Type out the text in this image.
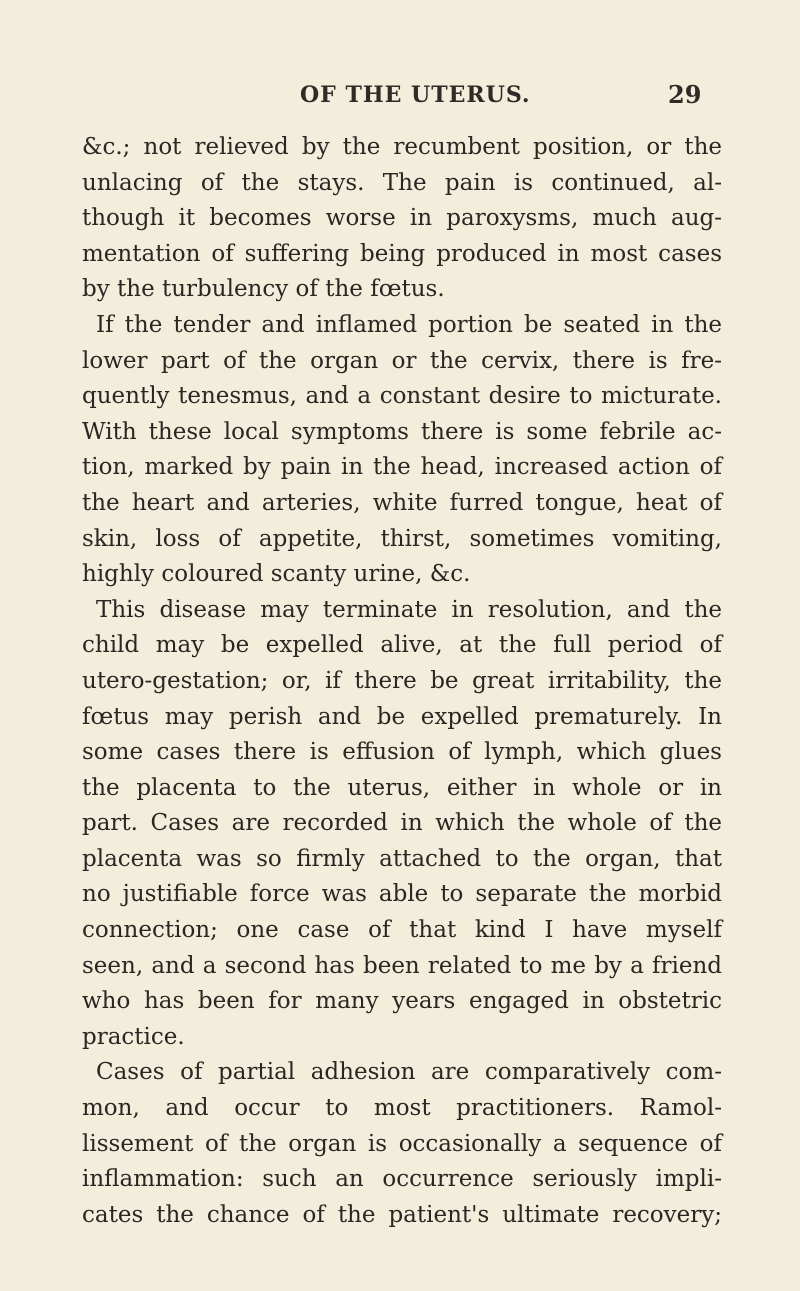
OF THE UTERUS.	29
&c.; not relieved by the recumbent position, or the
unlacing of the stays. The pain is continued, al-
though it becomes worse in paroxysms, much aug-
mentation of suffering being produced in most cases
by the turbulency of the fœtus.
If the tender and inflamed portion be seated in the
lower part of the organ or the cervix, there is fre-
quently tenesmus, and a constant desire to micturate.
With these local symptoms there is some febrile ac-
tion, marked by pain in the head, increased action of
the heart and arteries, white furred tongue, heat of
skin, loss of appetite, thirst, sometimes vomiting,
highly coloured scanty urine, &c.
This disease may terminate in resolution, and the
child may be expelled alive, at the full period of
utero-gestation; or, if there be great irritability, the
fœtus may perish and be expelled prematurely. In
some cases there is effusion of lymph, which glues
the placenta to the uterus, either in whole or in
part. Cases are recorded in which the whole of the
placenta was so firmly attached to the organ, that
no justifiable force was able to separate the morbid
connection; one case of that kind I have myself
seen, and a second has been related to me by a friend
who has been for many years engaged in obstetric
practice.
Cases of partial adhesion are comparatively com-
mon, and occur to most practitioners. Ramol-
lissement of the organ is occasionally a sequence of
inflammation: such an occurrence seriously impli-
cates the chance of the patient's ultimate recovery;
